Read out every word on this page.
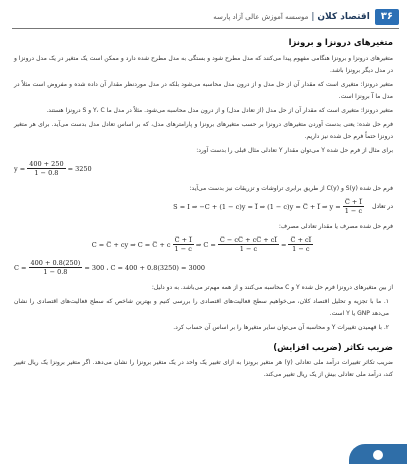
۳۶
اقتصاد کلان
|
موسسه آموزش عالی آزاد پارسه
متغیرهای درونزا و برونزا

متغیرهای درونزا و برونزا هنگامی مفهوم پیدا می‌کنند که مدل مطرح شود و بستگی به مدل مطرح شده دارد و ممکن است یک متغیر در یک مدل درونزا و در مدل دیگر برونزا باشد.

متغیر درونزا: متغیری است که مقدار آن از حل مدل و از درون مدل محاسبه می‌شود بلکه در مدل موردنظر مقدار آن داده شده و مفروض است مثلاً در مدل ما I̅ برونزا است.

متغیر درونزا: متغیری است که مقدار آن از حل مدل (از تعادل مدل) و از درون مدل محاسبه می‌شود. مثلاً در مدل ما Y، C و S درونزا هستند.

فرم حل شده: یعنی بدست آوردن متغیرهای درونزا بر حسب متغیرهای برونزا و پارامترهای مدل، که بر اساس تعادل مدل بدست می‌آید. برای هر متغیر درونزا حتماً فرم حل شده نیز داریم.

برای مثال از فرم حل شده Y می‌توان مقدار Y تعادلی مثال قبلی را بدست آورد:

$y = \frac{400 + 250}{1 - 0.8} = 3250$

فرم حل شده S(y) و C(y) از طریق برابری تراوشات و تزریقات نیز بدست می‌آید:

S = I ⇒ −C + (1 − c)y = I̅ ⇒ (1 − c)y = C̅ + I̅ ⇒ $y = \frac{C̅ + I̅}{1 - c}$ در تعادل

فرم حل شده مصرف یا مقدار تعادلی مصرف:

C = C̅ + cy ⇒ C = C̅ + c $\frac{C̅ + I̅}{1 - c}$ ⇒ $C = \frac{C̅ - cC̅ + cC̅ + cI̅}{1 - c} = \frac{C̅ + cI̅}{1 - c}$
$C = \frac{400 + 0.8(250)}{1 - 0.8} = 300$ ، C = 400 + 0.8(3250) = 3000

از بین متغیرهای درونزا فرم حل شده Y و C محاسبه می‌کنند و از همه مهم‌تر می‌باشد. به دو دلیل:

۱. ما با تجزیه و تحلیل اقتصاد کلان، می‌خواهیم سطح فعالیت‌های اقتصادی را بررسی کنیم و بهترین شاخص که سطح فعالیت‌های اقتصادی را نشان می‌دهد GNP یا Y است.

۲. با فهمیدن تغییرات Y و محاسبه آن می‌توان سایر متغیرها را بر اساس آن حساب کرد.

ضریب تکاثر (ضریب افزایش)

ضریب تکاثر تغییرات درآمد ملی تعادلی (y) هر متغیر برونزا به ازای تغییر یک واحد در یک متغیر برونزا را نشان می‌دهد. اگر متغیر برونزا یک ریال تغییر کند، درآمد ملی تعادلی بیش از یک ریال تغییر می‌کند.
